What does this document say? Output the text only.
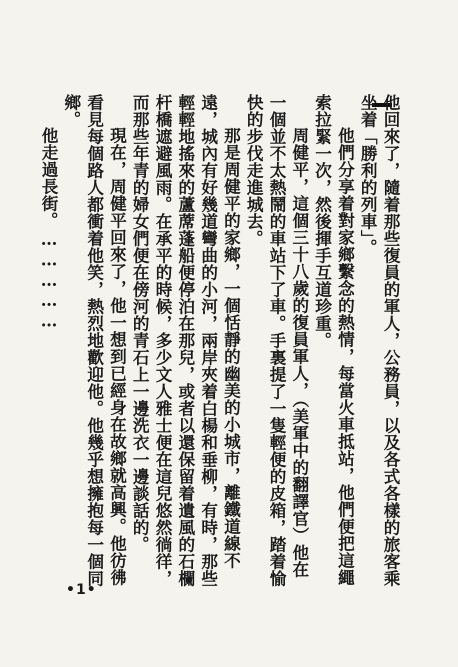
他回來了，隨着那些復員的軍人，公務員，以及各式各樣的旅客乘坐着「勝利的列車」。

他們分享着對家鄉繫念的熱情，每當火車抵站，他們便把這繩索拉緊一次，然後揮手互道珍重。

周健平，這個三十八歲的復員軍人，（美軍中的翻譯官）他在一個並不太熱鬧的車站下了車。手裏提了一隻輕便的皮箱，踏着愉快的步伐走進城去。

那是周健平的家鄉，一個恬靜的幽美的小城市，離鐵道線不遠，城內有好幾道彎曲的小河，兩岸夾着白楊和垂柳，有時，那些輕輕地搖來的蘆蓆蓬船便停泊在那兒，或者以還保留着遺風的石欄杆橋遮避風雨。在承平的時候，多少文人雅士便在這兒悠然徜徉，而那些年青的婦女們便在傍河的青石上一邊洗衣一邊談話的。

現在，周健平回來了，他一想到已經身在故鄉就高興。他彷彿看見每個路人都衝着他笑，熱烈地歡迎他。他幾乎想擁抱每一個同鄉。

他走過長街。……………

•1•
